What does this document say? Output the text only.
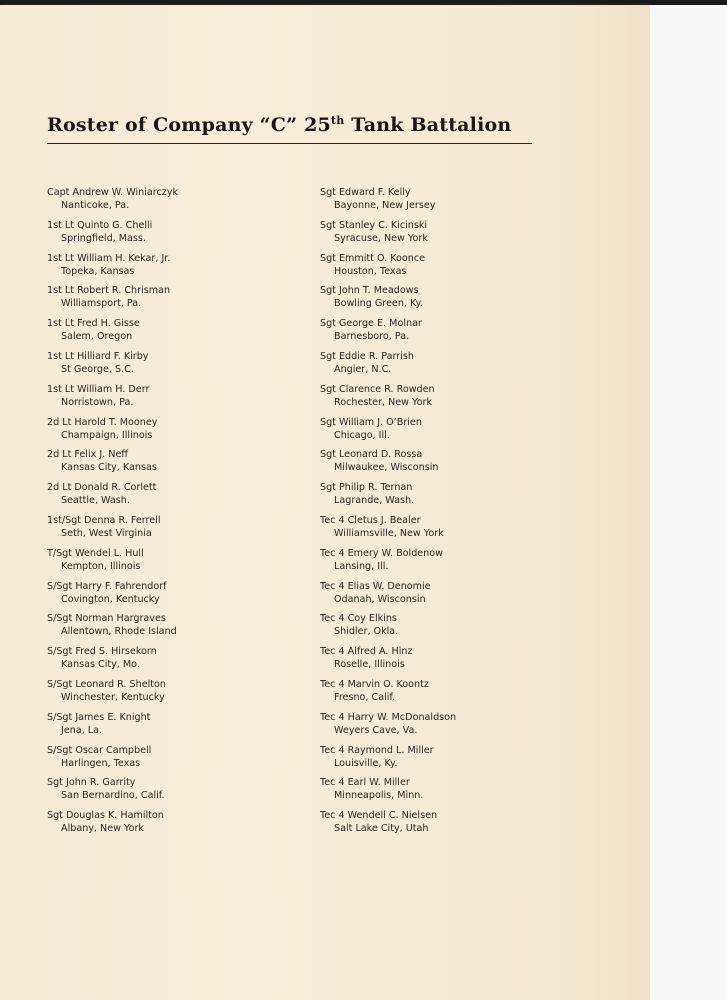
Roster of Company “C” 25th Tank Battalion
Capt Andrew W. Winiarczyk
Nanticoke, Pa.
1st Lt Quinto G. Chelli
Springfield, Mass.
1st Lt William H. Kekar, Jr.
Topeka, Kansas
1st Lt Robert R. Chrisman
Williamsport, Pa.
1st Lt Fred H. Gisse
Salem, Oregon
1st Lt Hilliard F. Kirby
St George, S.C.
1st Lt William H. Derr
Norristown, Pa.
2d Lt Harold T. Mooney
Champaign, Illinois
2d Lt Felix J. Neff
Kansas City, Kansas
2d Lt Donald R. Corlett
Seattle, Wash.
1st/Sgt Denna R. Ferrell
Seth, West Virginia
T/Sgt Wendel L. Hull
Kempton, Illinois
S/Sgt Harry F. Fahrendorf
Covington, Kentucky
S/Sgt Norman Hargraves
Allentown, Rhode Island
S/Sgt Fred S. Hirsekorn
Kansas City, Mo.
S/Sgt Leonard R. Shelton
Winchester, Kentucky
S/Sgt James E. Knight
Jena, La.
S/Sgt Oscar Campbell
Harlingen, Texas
Sgt John R. Garrity
San Bernardino, Calif.
Sgt Douglas K. Hamilton
Albany, New York
Sgt Edward F. Kelly
Bayonne, New Jersey
Sgt Stanley C. Kicinski
Syracuse, New York
Sgt Emmitt O. Koonce
Houston, Texas
Sgt John T. Meadows
Bowling Green, Ky.
Sgt George E. Molnar
Barnesboro, Pa.
Sgt Eddie R. Parrish
Angier, N.C.
Sgt Clarence R. Rowden
Rochester, New York
Sgt William J. O’Brien
Chicago, Ill.
Sgt Leonard D. Rossa
Milwaukee, Wisconsin
Sgt Philip R. Ternan
Lagrande, Wash.
Tec 4 Cletus J. Bealer
Williamsville, New York
Tec 4 Emery W. Boldenow
Lansing, Ill.
Tec 4 Elias W. Denomie
Odanah, Wisconsin
Tec 4 Coy Elkins
Shidler, Okla.
Tec 4 Alfred A. Hinz
Roselle, Illinois
Tec 4 Marvin O. Koontz
Fresno, Calif.
Tec 4 Harry W. McDonaldson
Weyers Cave, Va.
Tec 4 Raymond L. Miller
Louisville, Ky.
Tec 4 Earl W. Miller
Minneapolis, Minn.
Tec 4 Wendell C. Nielsen
Salt Lake City, Utah
